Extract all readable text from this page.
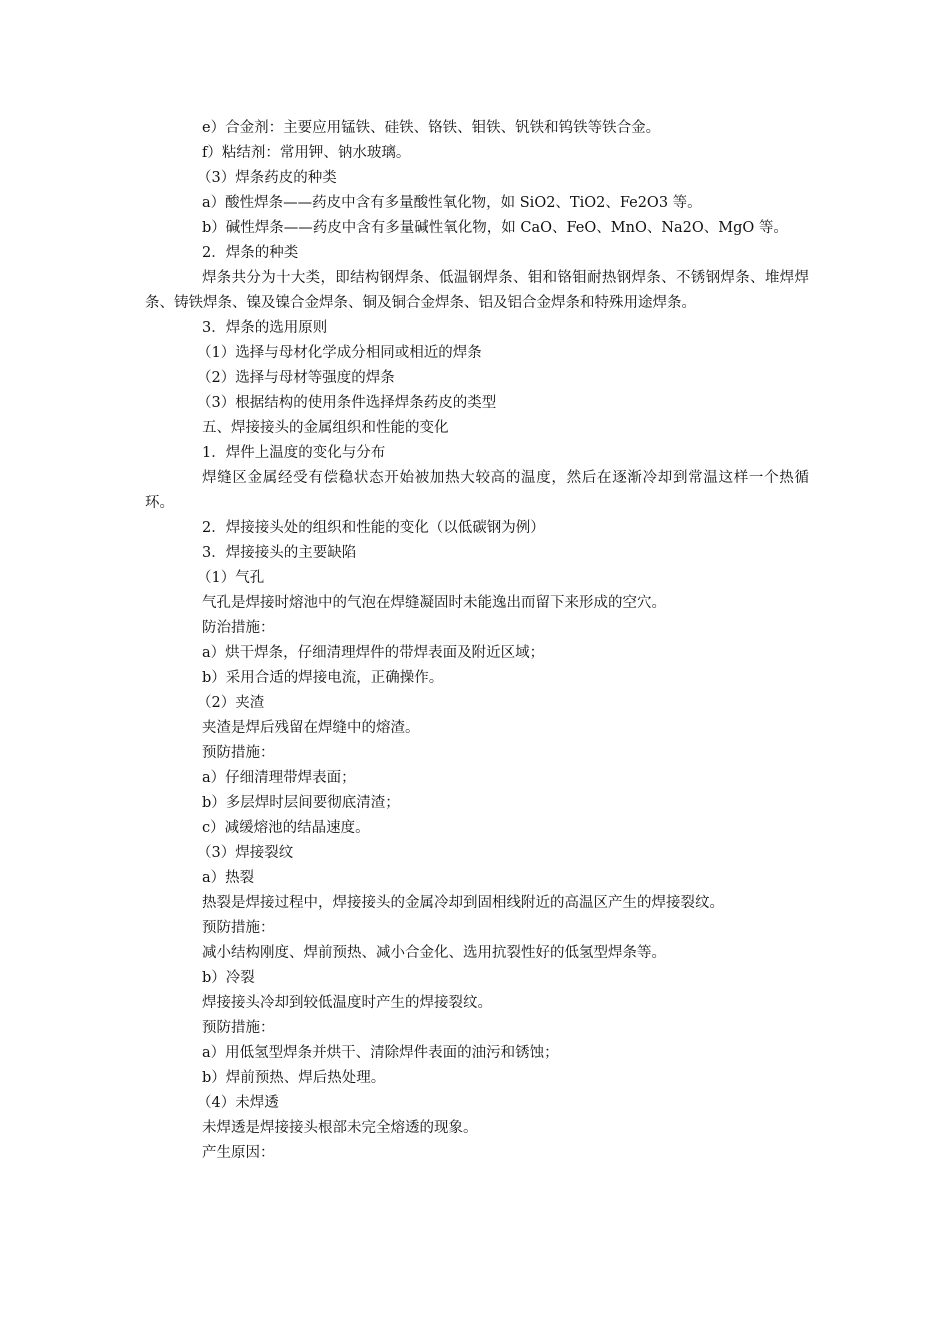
e）合金剂：主要应用锰铁、硅铁、铬铁、钼铁、钒铁和钨铁等铁合金。
f）粘结剂：常用钾、钠水玻璃。
（3）焊条药皮的种类
a）酸性焊条——药皮中含有多量酸性氧化物，如 SiO2、TiO2、Fe2O3 等。
b）碱性焊条——药皮中含有多量碱性氧化物，如 CaO、FeO、MnO、Na2O、MgO 等。
2．焊条的种类
焊条共分为十大类，即结构钢焊条、低温钢焊条、钼和铬钼耐热钢焊条、不锈钢焊条、堆焊焊条、铸铁焊条、镍及镍合金焊条、铜及铜合金焊条、铝及铝合金焊条和特殊用途焊条。
3．焊条的选用原则
（1）选择与母材化学成分相同或相近的焊条
（2）选择与母材等强度的焊条
（3）根据结构的使用条件选择焊条药皮的类型
五、焊接接头的金属组织和性能的变化
1．焊件上温度的变化与分布
焊缝区金属经受有偿稳状态开始被加热大较高的温度，然后在逐渐冷却到常温这样一个热循环。
2．焊接接头处的组织和性能的变化（以低碳钢为例）
3．焊接接头的主要缺陷
（1）气孔
气孔是焊接时熔池中的气泡在焊缝凝固时未能逸出而留下来形成的空穴。
防治措施：
a）烘干焊条，仔细清理焊件的带焊表面及附近区域；
b）采用合适的焊接电流，正确操作。
（2）夹渣
夹渣是焊后残留在焊缝中的熔渣。
预防措施：
a）仔细清理带焊表面；
b）多层焊时层间要彻底清渣；
c）减缓熔池的结晶速度。
（3）焊接裂纹
a）热裂
热裂是焊接过程中，焊接接头的金属冷却到固相线附近的高温区产生的焊接裂纹。
预防措施：
减小结构刚度、焊前预热、减小合金化、选用抗裂性好的低氢型焊条等。
b）冷裂
焊接接头冷却到较低温度时产生的焊接裂纹。
预防措施：
a）用低氢型焊条并烘干、清除焊件表面的油污和锈蚀；
b）焊前预热、焊后热处理。
（4）未焊透
未焊透是焊接接头根部未完全熔透的现象。
产生原因：
